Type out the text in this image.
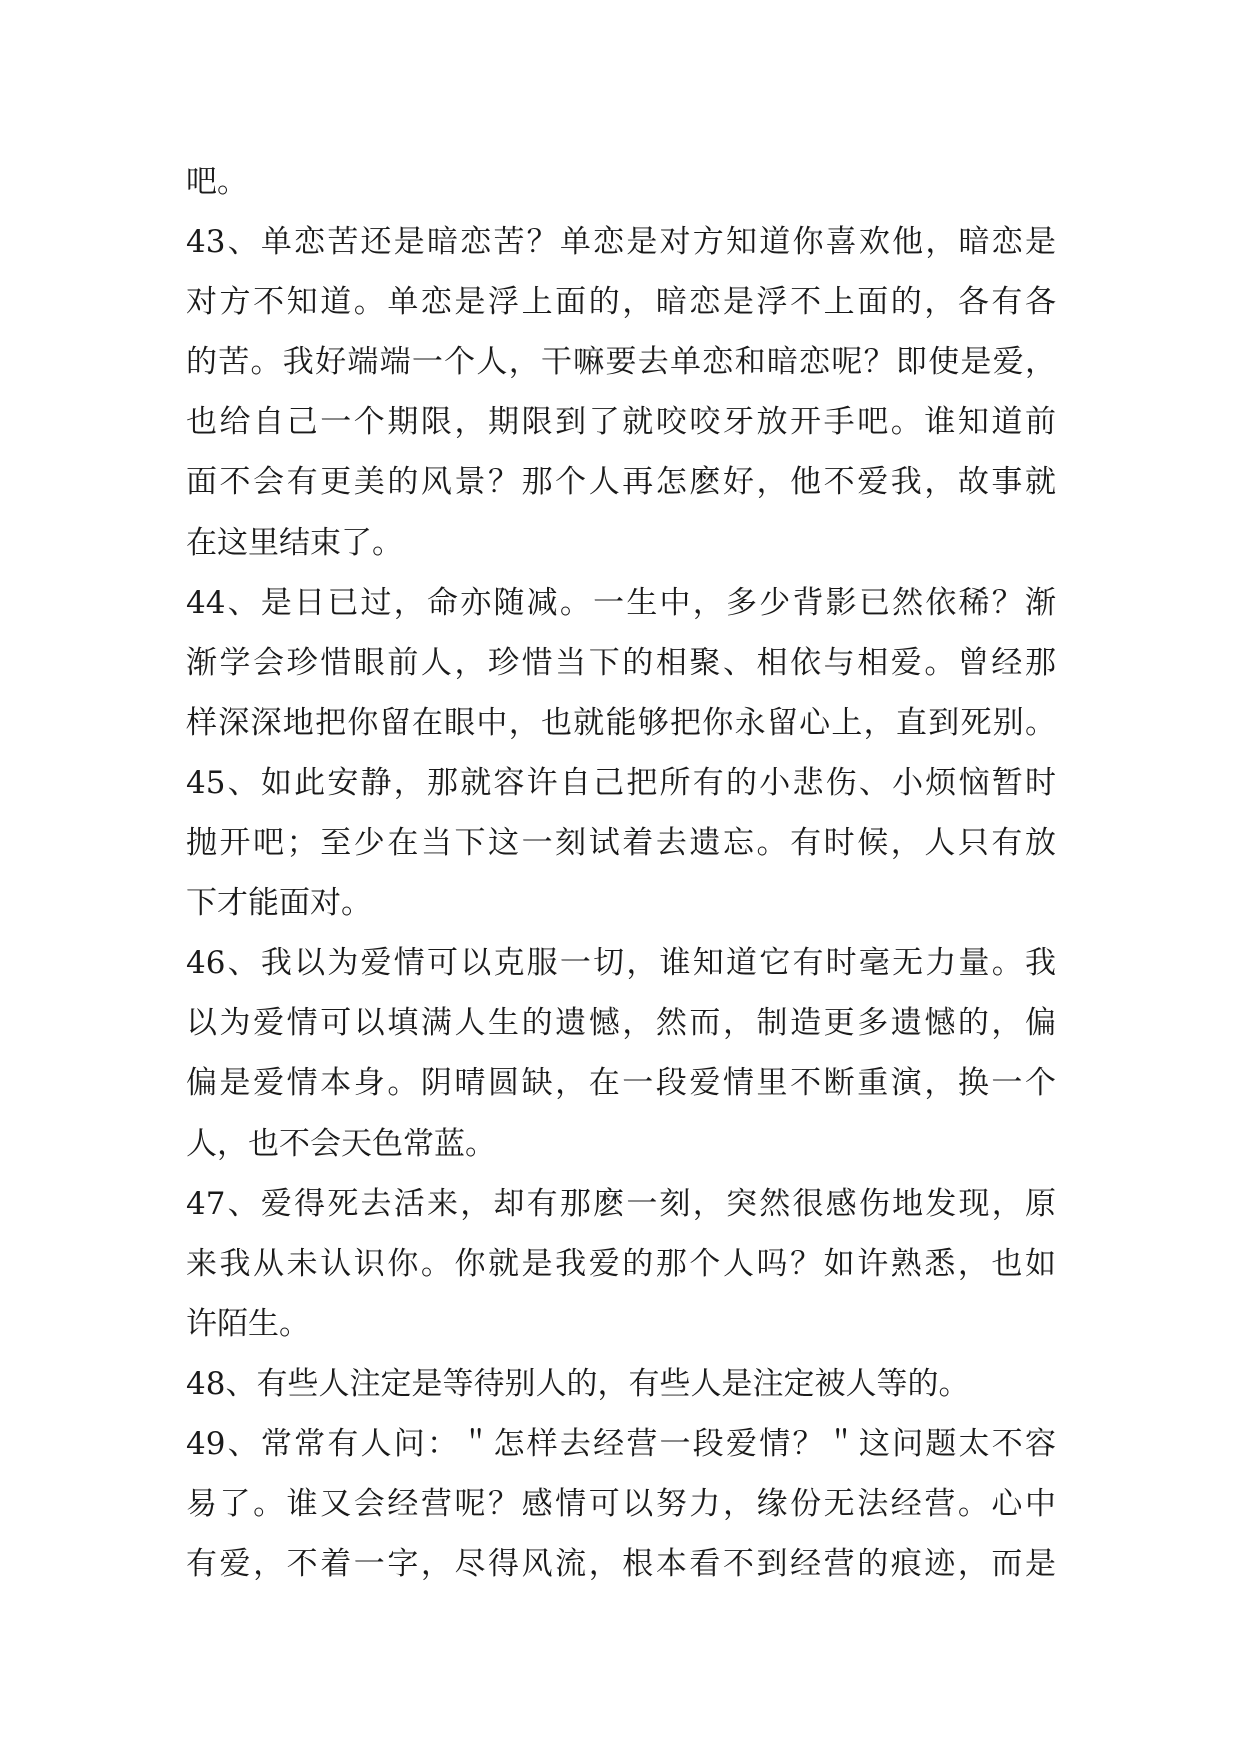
吧。
43、单恋苦还是暗恋苦？单恋是对方知道你喜欢他，暗恋是
对方不知道。单恋是浮上面的，暗恋是浮不上面的，各有各
的苦。我好端端一个人，干嘛要去单恋和暗恋呢？即使是爱，
也给自己一个期限，期限到了就咬咬牙放开手吧。谁知道前
面不会有更美的风景？那个人再怎麽好，他不爱我，故事就
在这里结束了。
44、是日已过，命亦随减。一生中，多少背影已然依稀？渐
渐学会珍惜眼前人，珍惜当下的相聚、相依与相爱。曾经那
样深深地把你留在眼中，也就能够把你永留心上，直到死别。
45、如此安静，那就容许自己把所有的小悲伤、小烦恼暂时
抛开吧；至少在当下这一刻试着去遗忘。有时候，人只有放
下才能面对。
46、我以为爱情可以克服一切，谁知道它有时毫无力量。我
以为爱情可以填满人生的遗憾，然而，制造更多遗憾的，偏
偏是爱情本身。阴晴圆缺，在一段爱情里不断重演，换一个
人，也不会天色常蓝。
47、爱得死去活来，却有那麽一刻，突然很感伤地发现，原
来我从未认识你。你就是我爱的那个人吗？如许熟悉，也如
许陌生。
48、有些人注定是等待别人的，有些人是注定被人等的。
49、常常有人问：＂怎样去经营一段爱情？＂这问题太不容
易了。谁又会经营呢？感情可以努力，缘份无法经营。心中
有爱，不着一字，尽得风流，根本看不到经营的痕迹，而是
